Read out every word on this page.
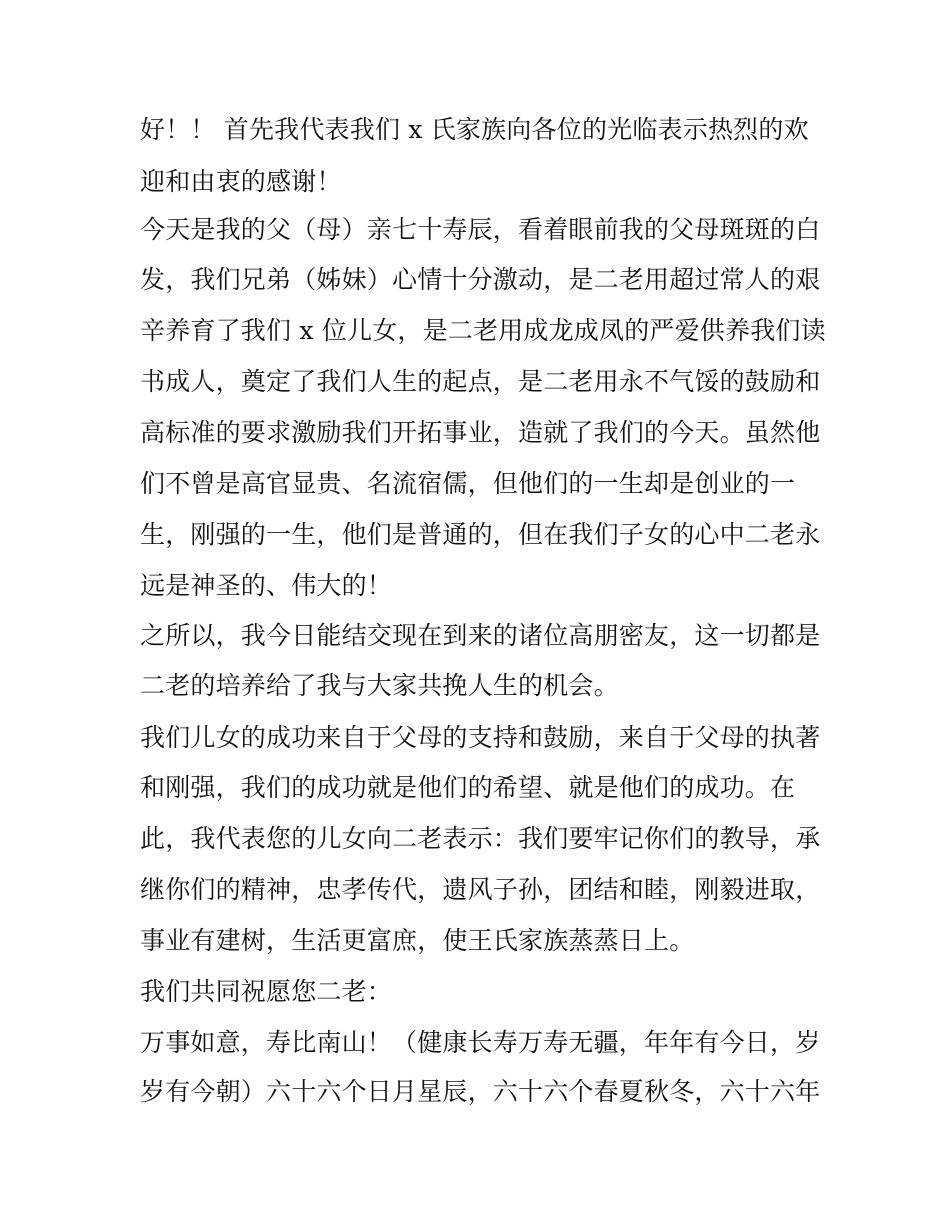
好！！ 首先我代表我们 x 氏家族向各位的光临表示热烈的欢
迎和由衷的感谢！
今天是我的父（母）亲七十寿辰，看着眼前我的父母斑斑的白
发，我们兄弟（姊妹）心情十分激动，是二老用超过常人的艰
辛养育了我们 x 位儿女，是二老用成龙成凤的严爱供养我们读
书成人，奠定了我们人生的起点，是二老用永不气馁的鼓励和
高标准的要求激励我们开拓事业，造就了我们的今天。虽然他
们不曾是高官显贵、名流宿儒，但他们的一生却是创业的一
生，刚强的一生，他们是普通的，但在我们子女的心中二老永
远是神圣的、伟大的！
之所以，我今日能结交现在到来的诸位高朋密友，这一切都是
二老的培养给了我与大家共挽人生的机会。
我们儿女的成功来自于父母的支持和鼓励，来自于父母的执著
和刚强，我们的成功就是他们的希望、就是他们的成功。在
此，我代表您的儿女向二老表示：我们要牢记你们的教导，承
继你们的精神，忠孝传代，遗风子孙，团结和睦，刚毅进取，
事业有建树，生活更富庶，使王氏家族蒸蒸日上。
我们共同祝愿您二老：
万事如意，寿比南山！（健康长寿万寿无疆，年年有今日，岁
岁有今朝）六十六个日月星辰，六十六个春夏秋冬，六十六年
